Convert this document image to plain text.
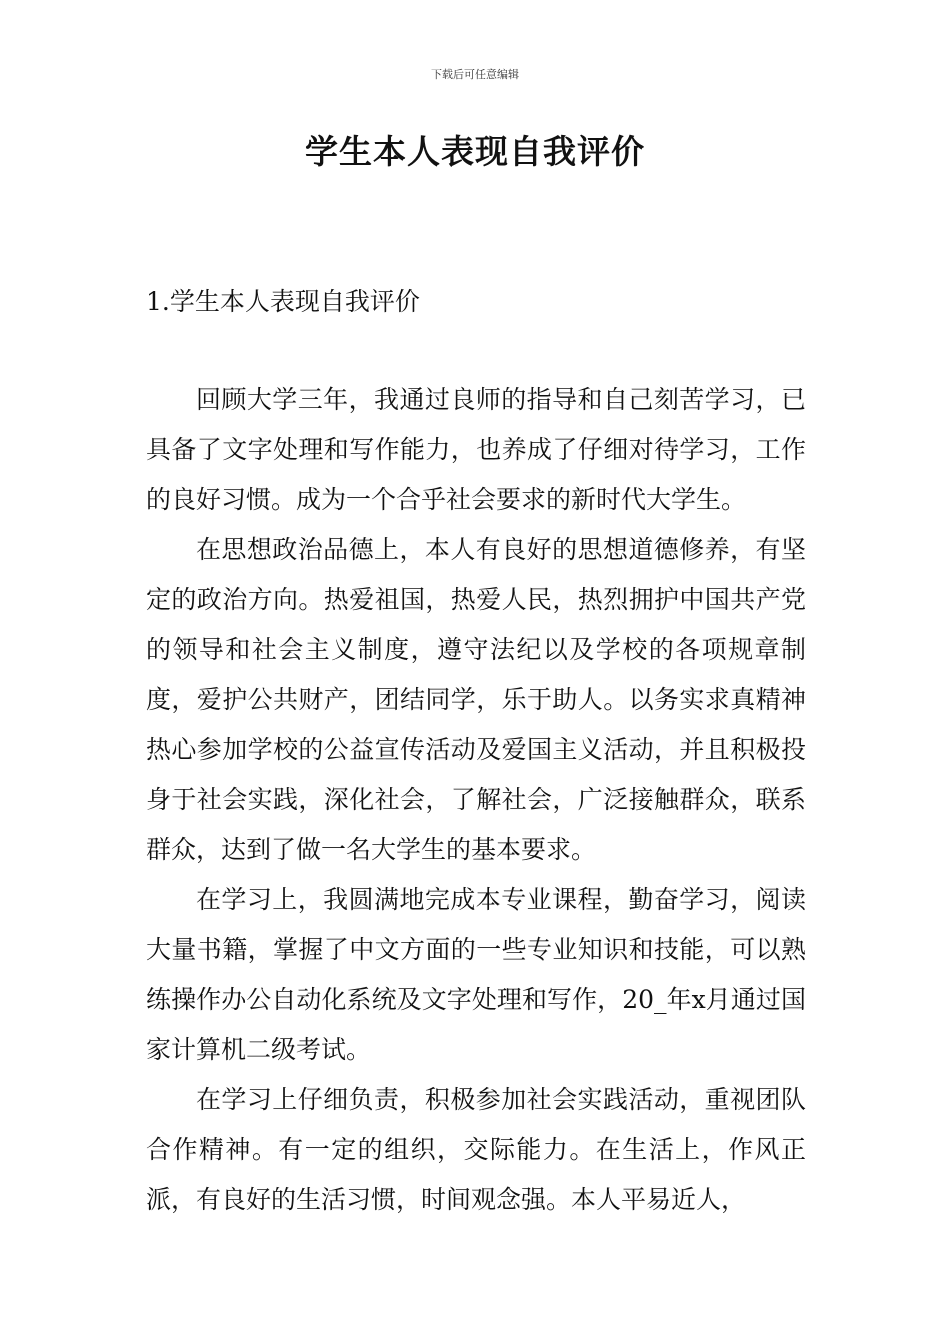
下载后可任意编辑
学生本人表现自我评价
1.学生本人表现自我评价

回顾大学三年，我通过良师的指导和自己刻苦学习，已具备了文字处理和写作能力，也养成了仔细对待学习，工作的良好习惯。成为一个合乎社会要求的新时代大学生。

在思想政治品德上，本人有良好的思想道德修养，有坚定的政治方向。热爱祖国，热爱人民，热烈拥护中国共产党的领导和社会主义制度，遵守法纪以及学校的各项规章制度，爱护公共财产，团结同学，乐于助人。以务实求真精神热心参加学校的公益宣传活动及爱国主义活动，并且积极投身于社会实践，深化社会，了解社会，广泛接触群众，联系群众，达到了做一名大学生的基本要求。

在学习上，我圆满地完成本专业课程，勤奋学习，阅读大量书籍，掌握了中文方面的一些专业知识和技能，可以熟练操作办公自动化系统及文字处理和写作，20_年x月通过国家计算机二级考试。

在学习上仔细负责，积极参加社会实践活动，重视团队合作精神。有一定的组织，交际能力。在生活上，作风正派，有良好的生活习惯，时间观念强。本人平易近人，
